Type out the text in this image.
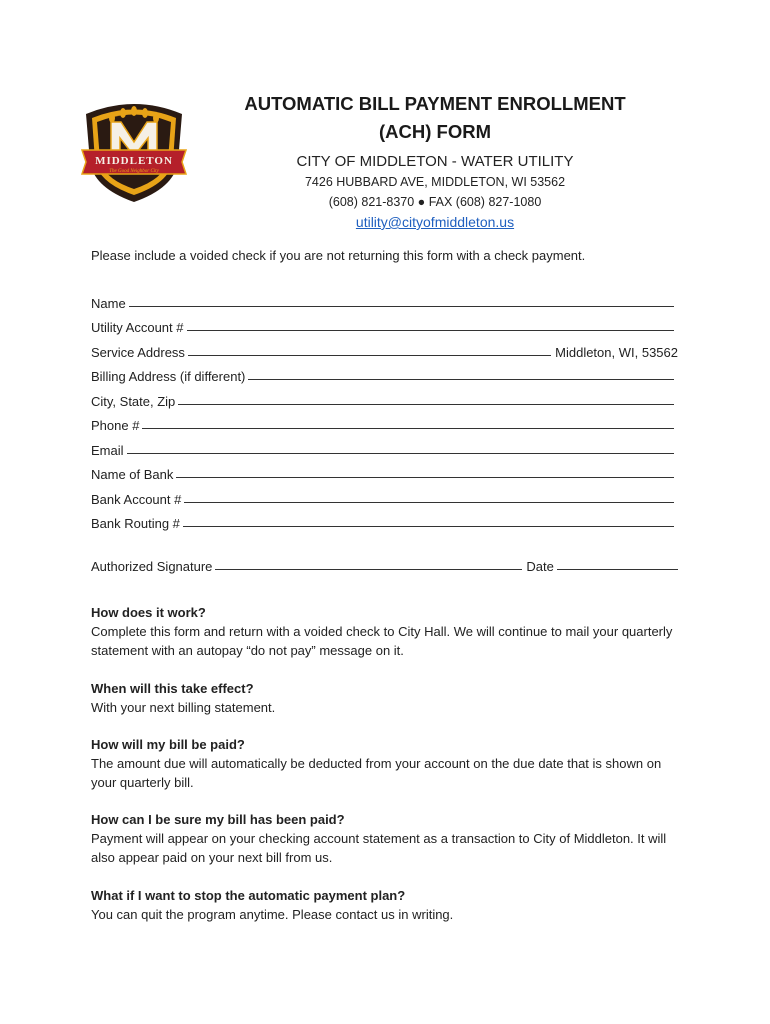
MIDDLETON
The Good Neighbor City
AUTOMATIC BILL PAYMENT ENROLLMENT
(ACH) FORM
CITY OF MIDDLETON - WATER UTILITY
7426 HUBBARD AVE, MIDDLETON, WI 53562
(608) 821-8370 ● FAX (608) 827-1080
utility@cityofmiddleton.us
Please include a voided check if you are not returning this form with a check payment.
Name
Utility Account #
Service Address	Middleton, WI, 53562
Billing Address (if different)
City, State, Zip
Phone #
Email
Name of Bank
Bank Account #
Bank Routing #
Authorized Signature	Date
How does it work?
Complete this form and return with a voided check to City Hall. We will continue to mail your quarterly statement with an autopay “do not pay” message on it.
When will this take effect?
With your next billing statement.
How will my bill be paid?
The amount due will automatically be deducted from your account on the due date that is shown on your quarterly bill.
How can I be sure my bill has been paid?
Payment will appear on your checking account statement as a transaction to City of Middleton. It will also appear paid on your next bill from us.
What if I want to stop the automatic payment plan?
You can quit the program anytime. Please contact us in writing.
